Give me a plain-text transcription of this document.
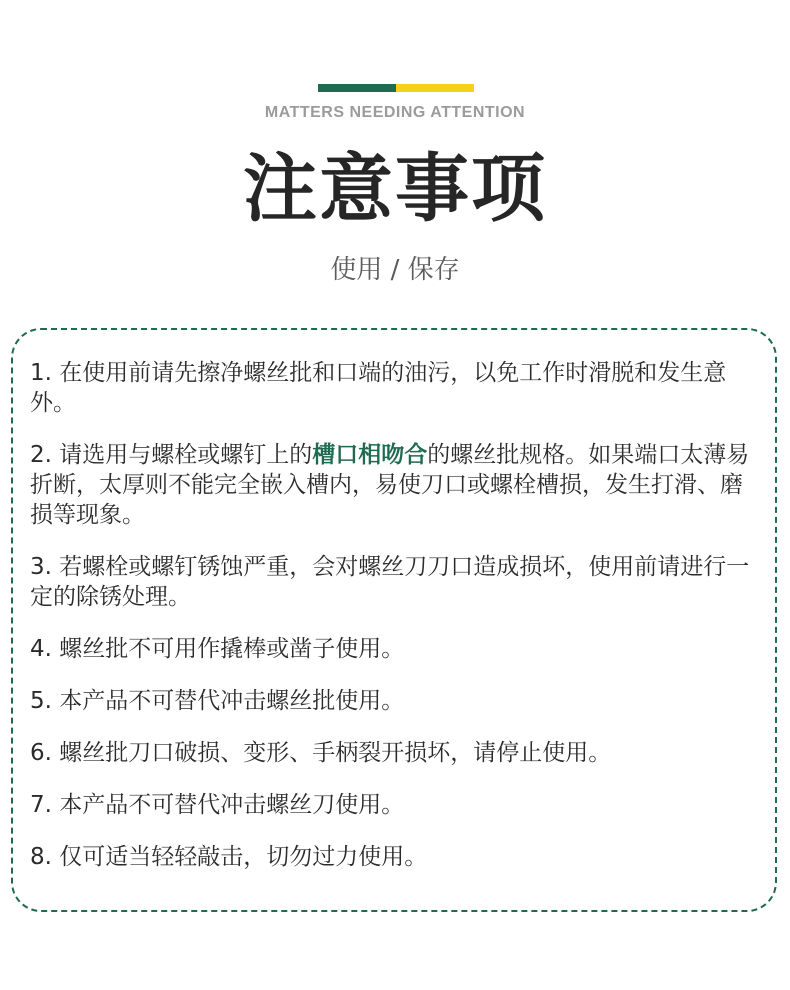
MATTERS NEEDING ATTENTION
注意事项
使用 / 保存
1. 在使用前请先擦净螺丝批和口端的油污，以免工作时滑脱和发生意外。
2. 请选用与螺栓或螺钉上的槽口相吻合的螺丝批规格。如果端口太薄易折断，太厚则不能完全嵌入槽内，易使刀口或螺栓槽损，发生打滑、磨损等现象。
3. 若螺栓或螺钉锈蚀严重，会对螺丝刀刀口造成损坏，使用前请进行一定的除锈处理。
4. 螺丝批不可用作撬棒或凿子使用。
5. 本产品不可替代冲击螺丝批使用。
6. 螺丝批刀口破损、变形、手柄裂开损坏，请停止使用。
7. 本产品不可替代冲击螺丝刀使用。
8. 仅可适当轻轻敲击，切勿过力使用。
